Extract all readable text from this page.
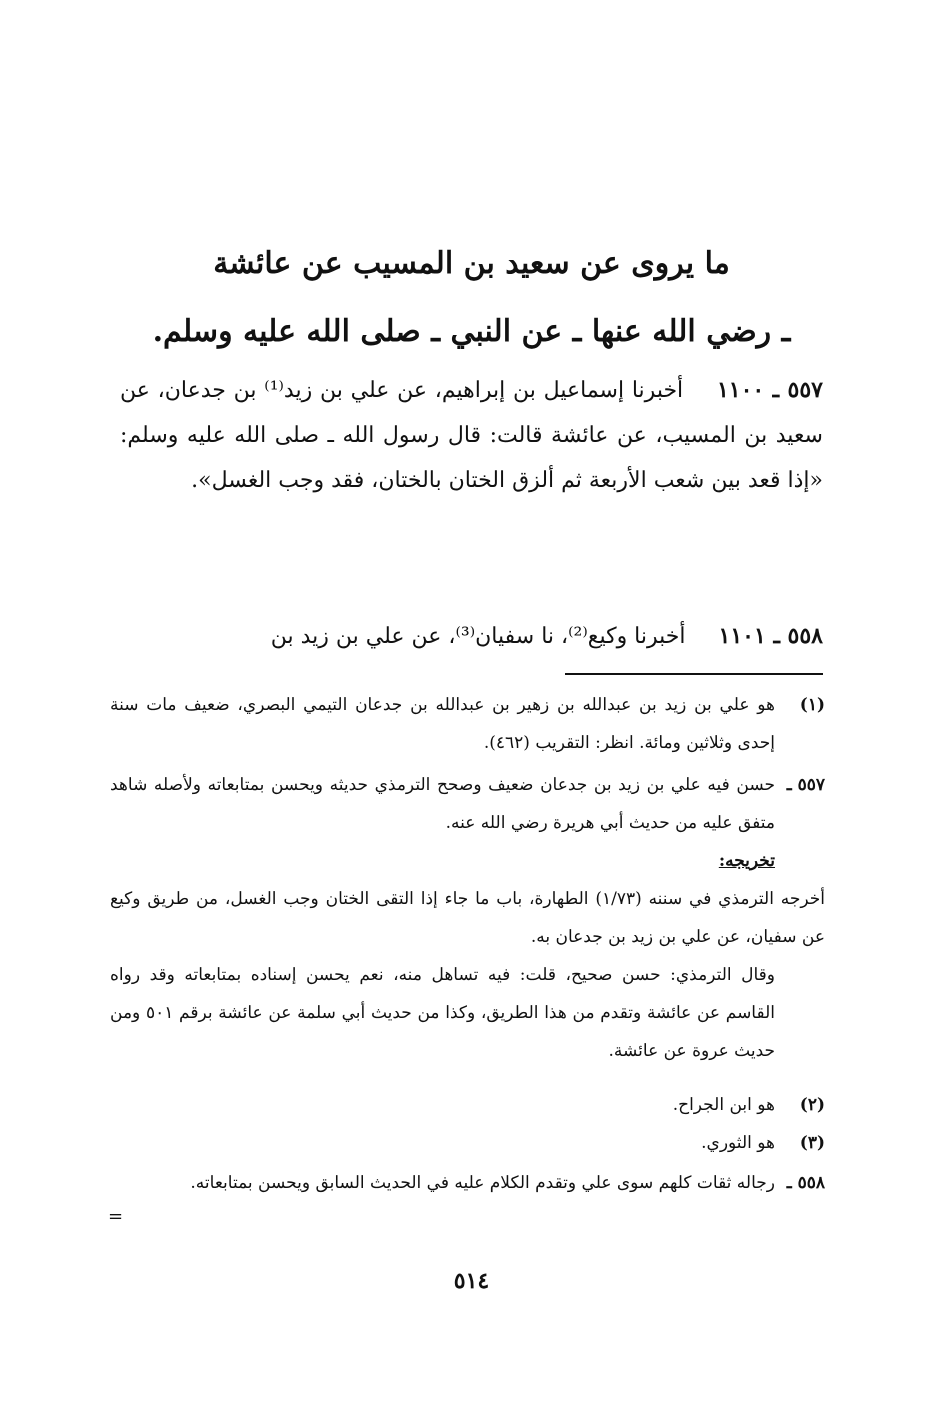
ما يروى عن سعيد بن المسيب عن عائشة
ـ رضي الله عنها ـ عن النبي ـ صلى الله عليه وسلم.
٥٥٧ ـ ١١٠٠ أخبرنا إسماعيل بن إبراهيم، عن علي بن زيد⁽¹⁾ بن جدعان، عن سعيد بن المسيب، عن عائشة قالت: قال رسول الله ـ صلى الله عليه وسلم: «إذا قعد بين شعب الأربعة ثم ألزق الختان بالختان، فقد وجب الغسل».
٥٥٨ ـ ١١٠١ أخبرنا وكيع⁽²⁾، نا سفيان⁽³⁾، عن علي بن زيد بن
(١)
هو علي بن زيد بن عبدالله بن زهير بن عبدالله بن جدعان التيمي البصري، ضعيف مات سنة إحدى وثلاثين ومائة. انظر: التقريب (٤٦٢).
٥٥٧ ـ
حسن فيه علي بن زيد بن جدعان ضعيف وصحح الترمذي حديثه ويحسن بمتابعاته ولأصله شاهد متفق عليه من حديث أبي هريرة رضي الله عنه.
تخريجه:
أخرجه الترمذي في سننه (١/٧٣) الطهارة، باب ما جاء إذا التقى الختان وجب الغسل، من طريق وكيع عن سفيان، عن علي بن زيد بن جدعان به.
وقال الترمذي: حسن صحيح، قلت: فيه تساهل منه، نعم يحسن إسناده بمتابعاته وقد رواه القاسم عن عائشة وتقدم من هذا الطريق، وكذا من حديث أبي سلمة عن عائشة برقم ٥٠١ ومن حديث عروة عن عائشة.
(٢)
هو ابن الجراح.
(٣)
هو الثوري.
٥٥٨ ـ
رجاله ثقات كلهم سوى علي وتقدم الكلام عليه في الحديث السابق ويحسن بمتابعاته.
=
٥١٤
